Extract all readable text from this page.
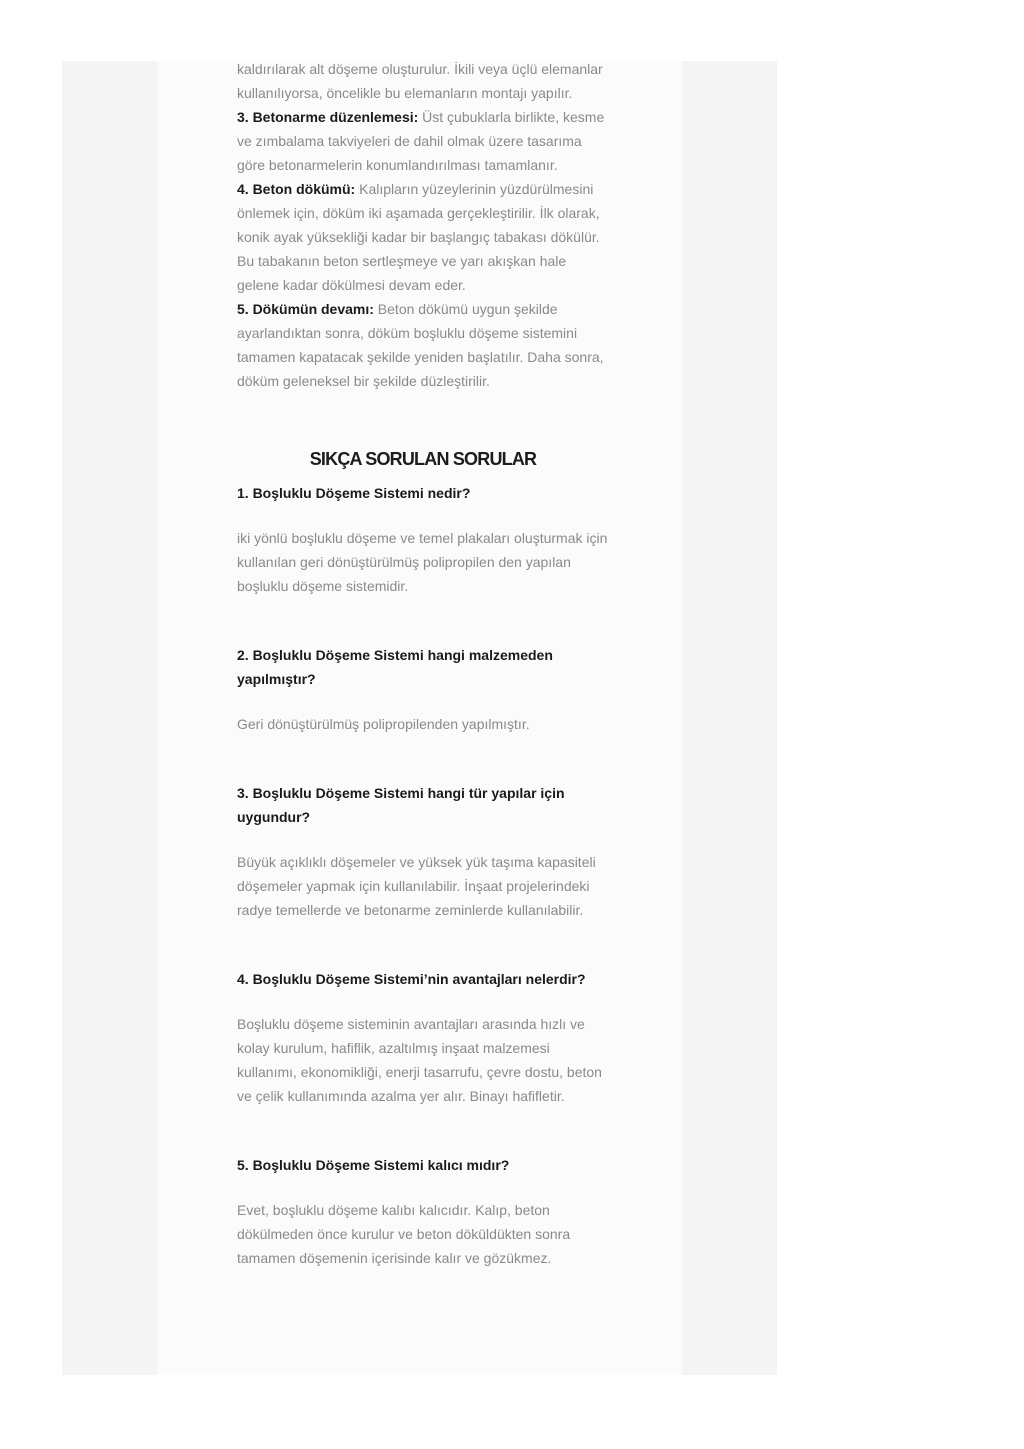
kaldırılarak alt döşeme oluşturulur. İkili veya üçlü elemanlar kullanılıyorsa, öncelikle bu elemanların montajı yapılır.

3. Betonarme düzenlemesi: Üst çubuklarla birlikte, kesme ve zımbalama takviyeleri de dahil olmak üzere tasarıma göre betonarmelerin konumlandırılması tamamlanır.

4. Beton dökümü: Kalıpların yüzeylerinin yüzdürülmesini önlemek için, döküm iki aşamada gerçekleştirilir. İlk olarak, konik ayak yüksekliği kadar bir başlangıç tabakası dökülür. Bu tabakanın beton sertleşmeye ve yarı akışkan hale gelene kadar dökülmesi devam eder.

5. Dökümün devamı: Beton dökümü uygun şekilde ayarlandıktan sonra, döküm boşluklu döşeme sistemini tamamen kapatacak şekilde yeniden başlatılır. Daha sonra, döküm geleneksel bir şekilde düzleştirilir.

SIKÇA SORULAN SORULAR

1. Boşluklu Döşeme Sistemi nedir?

iki yönlü boşluklu döşeme ve temel plakaları oluşturmak için kullanılan geri dönüştürülmüş polipropilen den yapılan boşluklu döşeme sistemidir.

2. Boşluklu Döşeme Sistemi hangi malzemeden yapılmıştır?

Geri dönüştürülmüş polipropilenden yapılmıştır.

3. Boşluklu Döşeme Sistemi hangi tür yapılar için uygundur?

Büyük açıklıklı döşemeler ve yüksek yük taşıma kapasiteli döşemeler yapmak için kullanılabilir. İnşaat projelerindeki radye temellerde ve betonarme zeminlerde kullanılabilir.

4. Boşluklu Döşeme Sistemi’nin avantajları nelerdir?

Boşluklu döşeme sisteminin avantajları arasında hızlı ve kolay kurulum, hafiflik, azaltılmış inşaat malzemesi kullanımı, ekonomikliği, enerji tasarrufu, çevre dostu, beton ve çelik kullanımında azalma yer alır. Binayı hafifletir.

5. Boşluklu Döşeme Sistemi kalıcı mıdır?

Evet, boşluklu döşeme kalıbı kalıcıdır. Kalıp, beton dökülmeden önce kurulur ve beton döküldükten sonra tamamen döşemenin içerisinde kalır ve gözükmez.
